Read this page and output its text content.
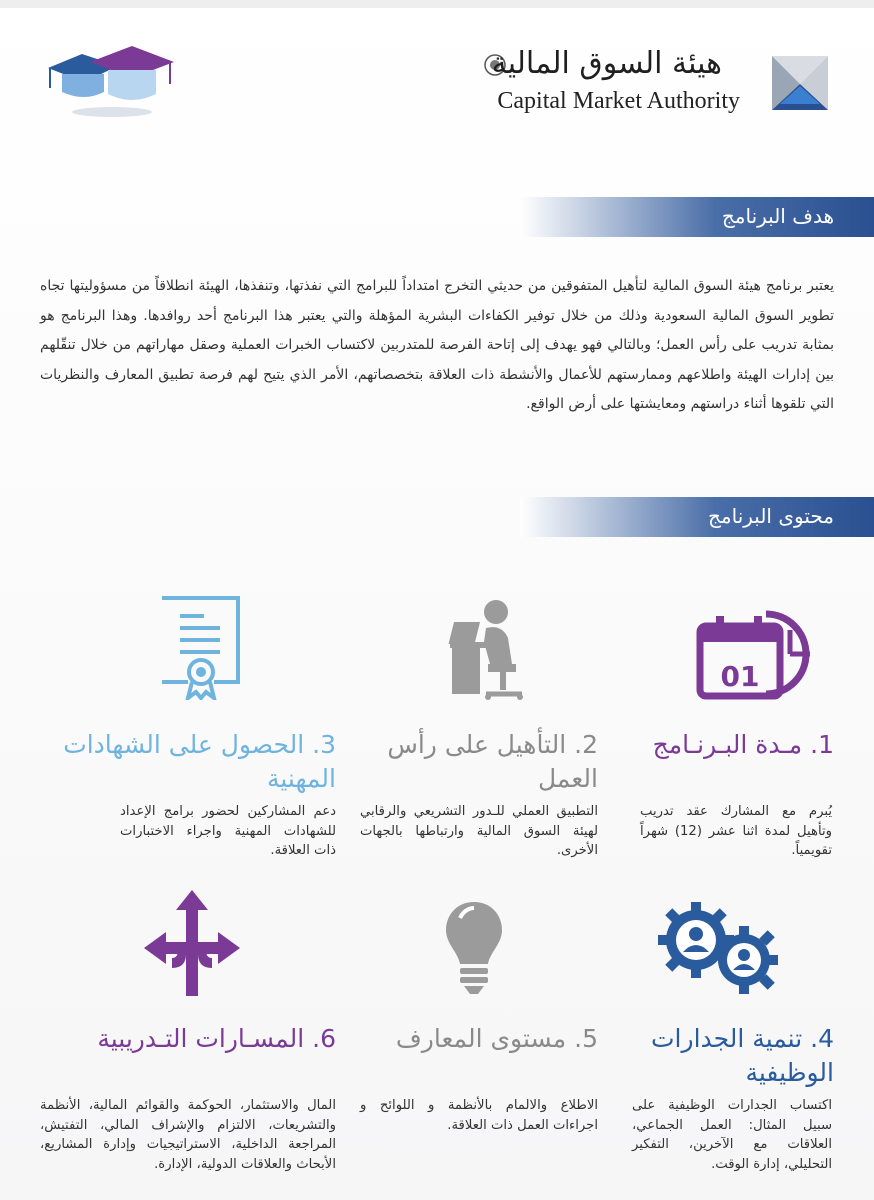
هيئة السوق المالية
Capital Market Authority
هدف البرنامج
يعتبر برنامج هيئة السوق المالية لتأهيل المتفوقين من حديثي التخرج امتداداً للبرامج التي نفذتها، وتنفذها، الهيئة انطلاقاً من مسؤوليتها تجاه تطوير السوق المالية السعودية وذلك من خلال توفير الكفاءات البشرية المؤهلة والتي يعتبر هذا البرنامج أحد روافدها. وهذا البرنامج هو بمثابة تدريب على رأس العمل؛ وبالتالي فهو يهدف إلى إتاحة الفرصة للمتدربين لاكتساب الخبرات العملية وصقل مهاراتهم من خلال تنقّلهم بين إدارات الهيئة واطلاعهم وممارستهم للأعمال والأنشطة ذات العلاقة بتخصصاتهم، الأمر الذي يتيح لهم فرصة تطبيق المعارف والنظريات التي تلقوها أثناء دراستهم ومعايشتها على أرض الواقع.
محتوى البرنامج
01
1. مـدة البـرنـامج
2. التأهيل على رأس العمل
3. الحصول على الشهادات المهنية
يُبرم مع المشارك عقد تدريب وتأهيل لمدة اثنا عشر (12) شهراً تقويمياً.
التطبيق العملي للـدور التشريعي والرقابي لهيئة السوق المالية وارتباطها بالجهات الأخرى.
دعم المشاركين لحضور برامج الإعداد للشهادات المهنية واجراء الاختبارات ذات العلاقة.
4. تنمية الجدارات الوظيفية
5. مستوى المعارف
6. المسـارات التـدريبية
اكتساب الجدارات الوظيفية على سبيل المثال: العمل الجماعي، العلاقات مع الآخرين، التفكير التحليلي، إدارة الوقت.
الاطلاع والالمام بالأنظمة و اللوائح و اجراءات العمل ذات العلاقة.
المال والاستثمار، الحوكمة والقوائم المالية، الأنظمة والتشريعات، الالتزام والإشراف المالي، التفتيش، المراجعة الداخلية، الاستراتيجيات وإدارة المشاريع، الأبحاث والعلاقات الدولية، الإدارة.
